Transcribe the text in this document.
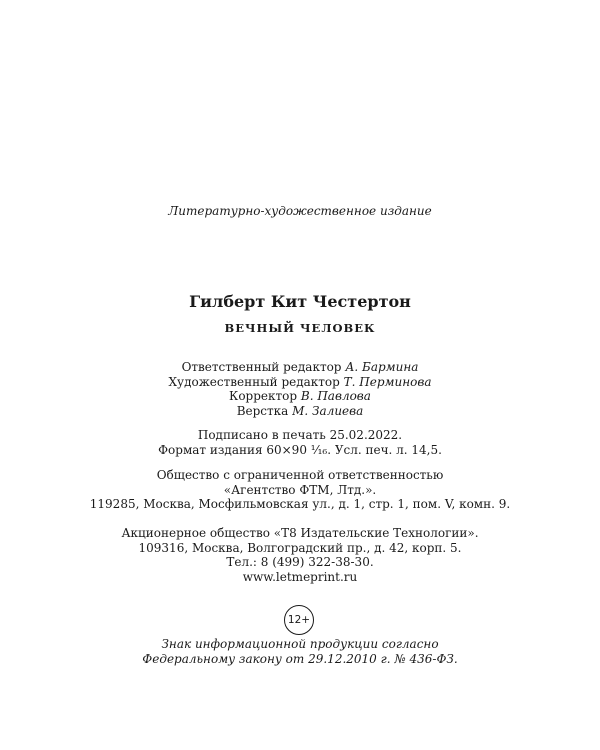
Литературно-художественное издание
Гилберт Кит Честертон
ВЕЧНЫЙ ЧЕЛОВЕК
Ответственный редактор А. Бармина
Художественный редактор Т. Перминова
Корректор В. Павлова
Верстка М. Залиева
Подписано в печать 25.02.2022.
Формат издания 60×90 ¹⁄₁₆. Усл. печ. л. 14,5.
Общество с ограниченной ответственностью
«Агентство ФТМ, Лтд.».
119285, Москва, Мосфильмовская ул., д. 1, стр. 1, пом. V, комн. 9.
Акционерное общество «Т8 Издательские Технологии».
109316, Москва, Волгоградский пр., д. 42, корп. 5.
Тел.: 8 (499) 322-38-30.
www.letmeprint.ru
12+
Знак информационной продукции согласно
Федеральному закону от 29.12.2010 г. № 436-ФЗ.
